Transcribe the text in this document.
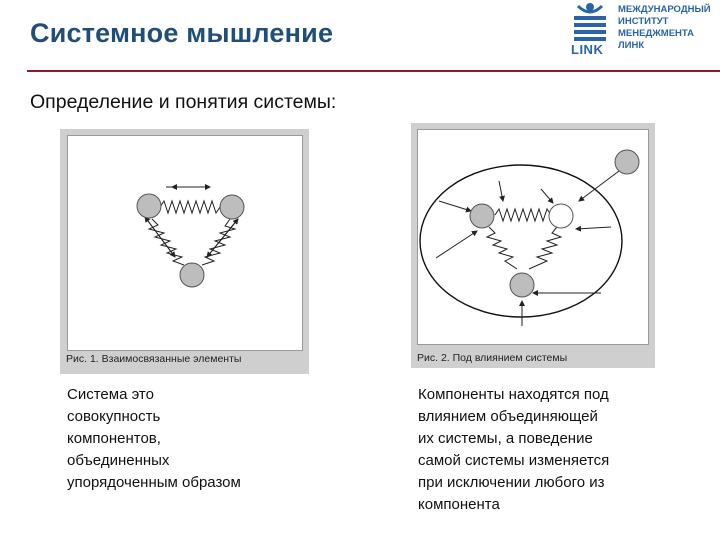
Системное мышление
LINK
МЕЖДУНАРОДНЫЙ
ИНСТИТУТ
МЕНЕДЖМЕНТА
ЛИНК
Определение и понятия системы:
Рис. 1. Взаимосвязанные элементы	Рис. 2. Под влиянием системы
Система это
совокупность
компонентов,
объединенных
упорядоченным образом
Компоненты находятся под
влиянием объединяющей
их системы, а поведение
самой системы изменяется
при исключении любого из
компонента
